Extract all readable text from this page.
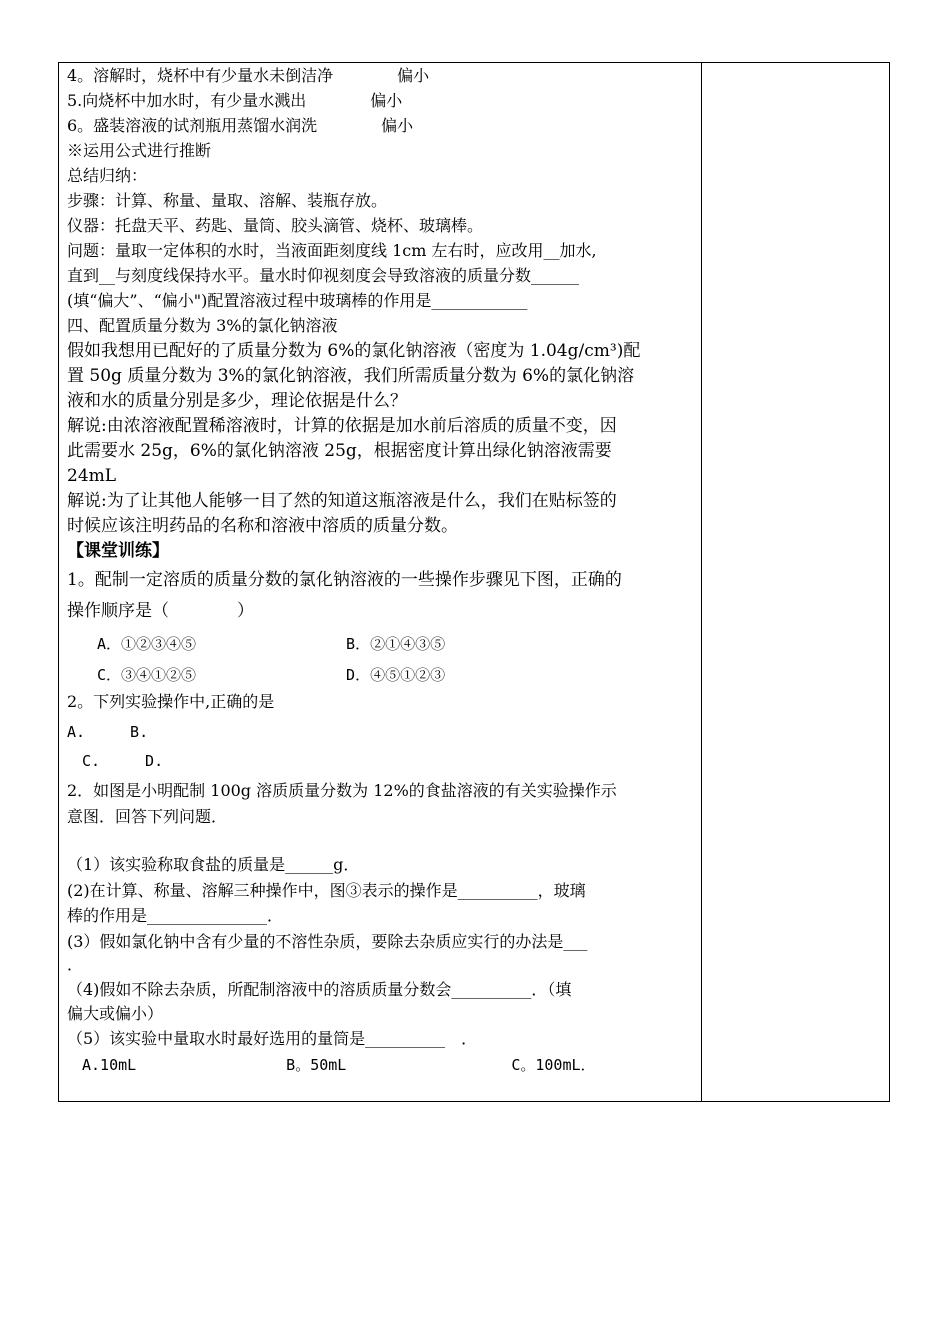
4。溶解时，烧杯中有少量水未倒洁净　　　　偏小
5.向烧杯中加水时，有少量水溅出　　　　偏小
6。盛装溶液的试剂瓶用蒸馏水润洗　　　　偏小
※运用公式进行推断
总结归纳：
步骤：计算、称量、量取、溶解、装瓶存放。
仪器：托盘天平、药匙、量筒、胶头滴管、烧杯、玻璃棒。
问题：量取一定体积的水时，当液面距刻度线 1cm 左右时，应改用__加水,
直到__与刻度线保持水平。量水时仰视刻度会导致溶液的质量分数______
(填“偏大”、“偏小")配置溶液过程中玻璃棒的作用是____________
四、配置质量分数为 3%的氯化钠溶液
假如我想用已配好的了质量分数为 6%的氯化钠溶液（密度为 1.04g/cm³)配
置 50g 质量分数为 3%的氯化钠溶液，我们所需质量分数为 6%的氯化钠溶
液和水的质量分别是多少，理论依据是什么？
解说:由浓溶液配置稀溶液时，计算的依据是加水前后溶质的质量不变，因
此需要水 25g，6%的氯化钠溶液 25g，根据密度计算出绿化钠溶液需要
24mL
解说:为了让其他人能够一目了然的知道这瓶溶液是什么，我们在贴标签的
时候应该注明药品的名称和溶液中溶质的质量分数。
【课堂训练】
1。配制一定溶质的质量分数的氯化钠溶液的一些操作步骤见下图，正确的
操作顺序是（　　　　）
　　A．①②③④⑤　　　　　　　　　　B．②①④③⑤
　　C．③④①②⑤　　　　　　　　　　D．④⑤①②③
2。下列实验操作中,正确的是
A.　　　B.
　C.　　　D.
2．如图是小明配制 100g 溶质质量分数为 12%的食盐溶液的有关实验操作示
意图．回答下列问题．
（1）该实验称取食盐的质量是______g．
(2)在计算、称量、溶解三种操作中，图③表示的操作是__________，玻璃
棒的作用是_______________．
(3）假如氯化钠中含有少量的不溶性杂质，要除去杂质应实行的办法是___
．
（4)假如不除去杂质，所配制溶液中的溶质质量分数会__________．（填
偏大或偏小）
（5）该实验中量取水时最好选用的量筒是__________　．
　A.10mL　　　　　　　　　　B。50mL　　　　　　　　　　　C。100mL．
